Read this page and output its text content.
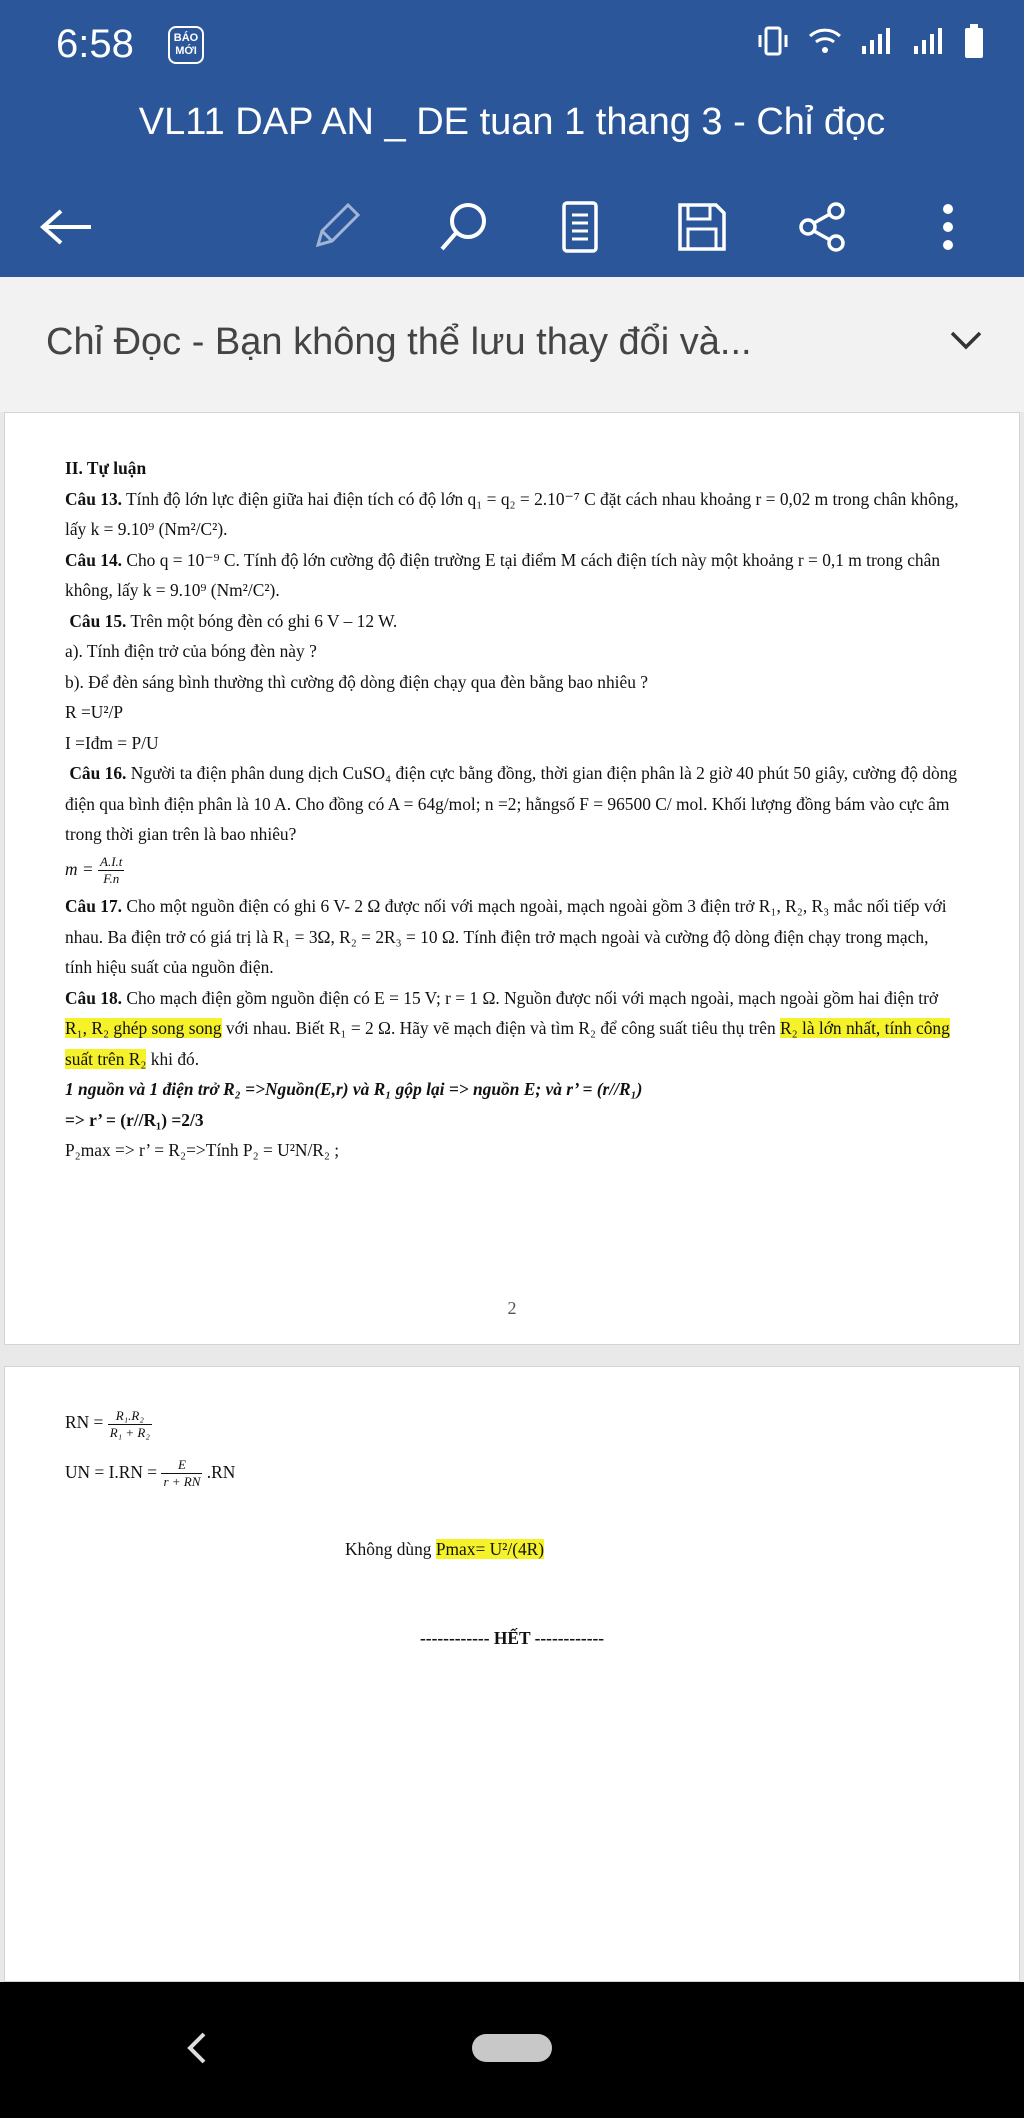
6:58	BÁO MỚI
VL11 DAP AN _ DE tuan 1 thang 3 - Chỉ đọc
Chỉ Đọc - Bạn không thể lưu thay đổi và...

II. Tự luận

Câu 13. Tính độ lớn lực điện giữa hai điện tích có độ lớn q₁ = q₂ = 2.10⁻⁷ C đặt cách nhau khoảng r = 0,02 m trong chân không, lấy k = 9.10⁹ (Nm²/C²).

Câu 14. Cho q = 10⁻⁹ C. Tính độ lớn cường độ điện trường E tại điểm M cách điện tích này một khoảng r = 0,1 m trong chân không, lấy k = 9.10⁹ (Nm²/C²).

Câu 15. Trên một bóng đèn có ghi 6 V – 12 W.

a). Tính điện trở của bóng đèn này ?

b). Để đèn sáng bình thường thì cường độ dòng điện chạy qua đèn bằng bao nhiêu ?

R =U²/P

I =Iđm = P/U

Câu 16. Người ta điện phân dung dịch CuSO₄ điện cực bằng đồng, thời gian điện phân là 2 giờ 40 phút 50 giây, cường độ dòng điện qua bình điện phân là 10 A. Cho đồng có A = 64g/mol; n =2; hằngsố F = 96500 C/ mol. Khối lượng đồng bám vào cực âm trong thời gian trên là bao nhiêu?

$m = \frac{A.I.t}{F.n}$

Câu 17. Cho một nguồn điện có ghi 6 V- 2 Ω được nối với mạch ngoài, mạch ngoài gồm 3 điện trở R₁, R₂, R₃ mắc nối tiếp với nhau. Ba điện trở có giá trị là R₁ = 3Ω, R₂ = 2R₃ = 10 Ω. Tính điện trở mạch ngoài và cường độ dòng điện chạy trong mạch, tính hiệu suất của nguồn điện.

Câu 18. Cho mạch điện gồm nguồn điện có E = 15 V; r = 1 Ω. Nguồn được nối với mạch ngoài, mạch ngoài gồm hai điện trở R₁, R₂ ghép song song với nhau. Biết R₁ = 2 Ω. Hãy vẽ mạch điện và tìm R₂ để công suất tiêu thụ trên R₂ là lớn nhất, tính công suất trên R₂ khi đó.

1 nguồn và 1 điện trở R₂ =>Nguồn(E,r) và R₁ gộp lại => nguồn E; và r’ = (r//R₁)

=> r’ = (r//R₁) =2/3

P₂max => r’ = R₂=>Tính P₂ = U²N/R₂ ;

2

RN = $\frac{\text{R₁.R₂}}{\text{R₁ + R₂}}$

UN = $I.RN = \frac{E}{r + RN} .RN$

Không dùng Pmax= U²/(4R)

------------ HẾT ------------
